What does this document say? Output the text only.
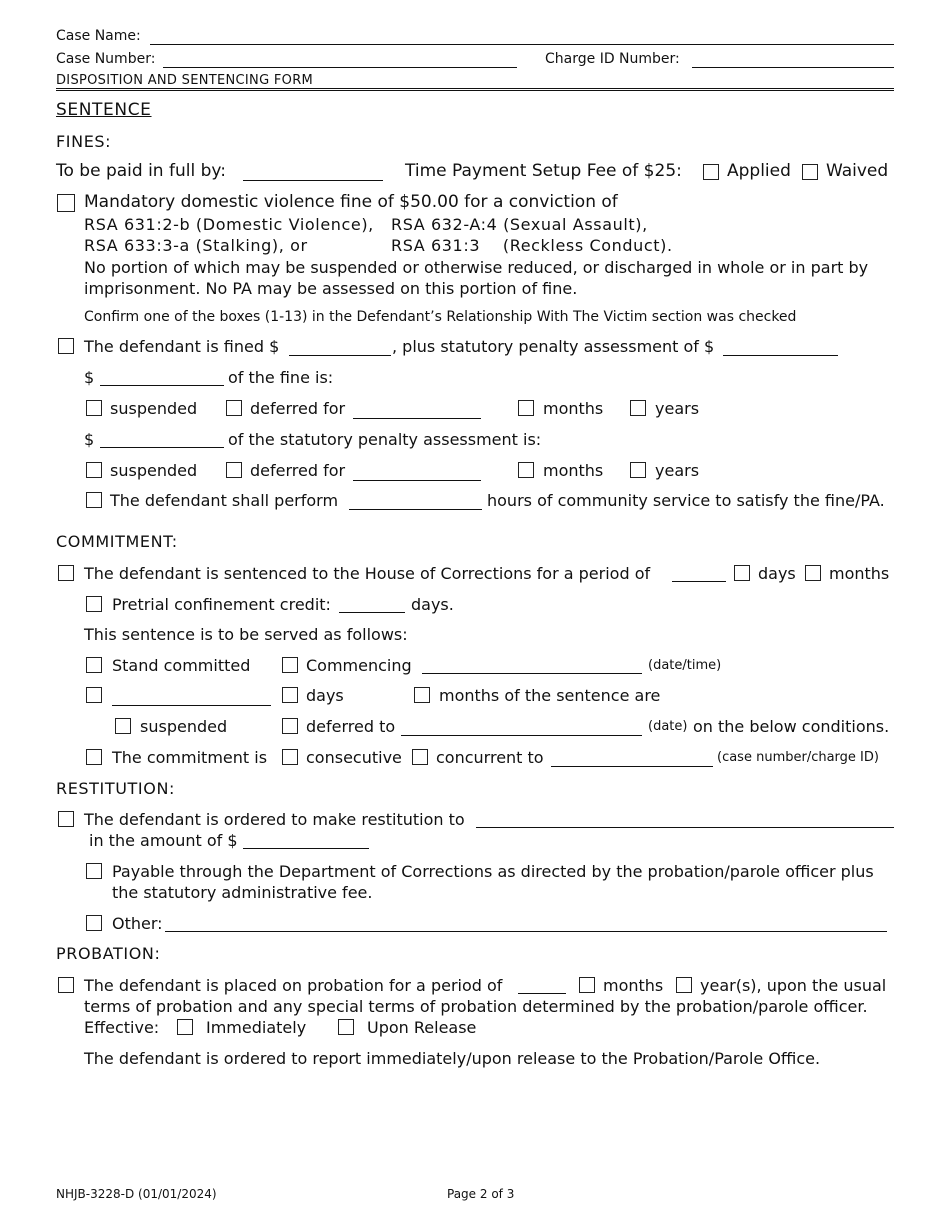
Case Name:
Case Number:	Charge ID Number:
DISPOSITION AND SENTENCING FORM
SENTENCE
FINES:
To be paid in full by:	Time Payment Setup Fee of $25:	Applied Waived
Mandatory domestic violence fine of $50.00 for a conviction of
RSA 631:2-b (Domestic Violence), RSA 632-A:4 (Sexual Assault),
RSA 633:3-a (Stalking), or	RSA 631:3    (Reckless Conduct).
No portion of which may be suspended or otherwise reduced, or discharged in whole or in part by
imprisonment. No PA may be assessed on this portion of fine.
Confirm one of the boxes (1-13) in the Defendant’s Relationship With The Victim section was checked
The defendant is fined $	, plus statutory penalty assessment of $
$	of the fine is:
suspended	deferred for	months	years
$	of the statutory penalty assessment is:
suspended	deferred for	months	years
The defendant shall perform	hours of community service to satisfy the fine/PA.
COMMITMENT:
The defendant is sentenced to the House of Corrections for a period of	days months
Pretrial confinement credit:	days.
This sentence is to be served as follows:
Stand committed	Commencing	(date/time)
days	months of the sentence are
suspended	deferred to	(date) on the below conditions.
The commitment is consecutive concurrent to	(case number/charge ID)
RESTITUTION:
The defendant is ordered to make restitution to
in the amount of $
Payable through the Department of Corrections as directed by the probation/parole officer plus
the statutory administrative fee.
Other:
PROBATION:
The defendant is placed on probation for a period of	months year(s), upon the usual
terms of probation and any special terms of probation determined by the probation/parole officer.
Effective:	Immediately	Upon Release
The defendant is ordered to report immediately/upon release to the Probation/Parole Office.
NHJB-3228-D (01/01/2024)	Page 2 of 3
